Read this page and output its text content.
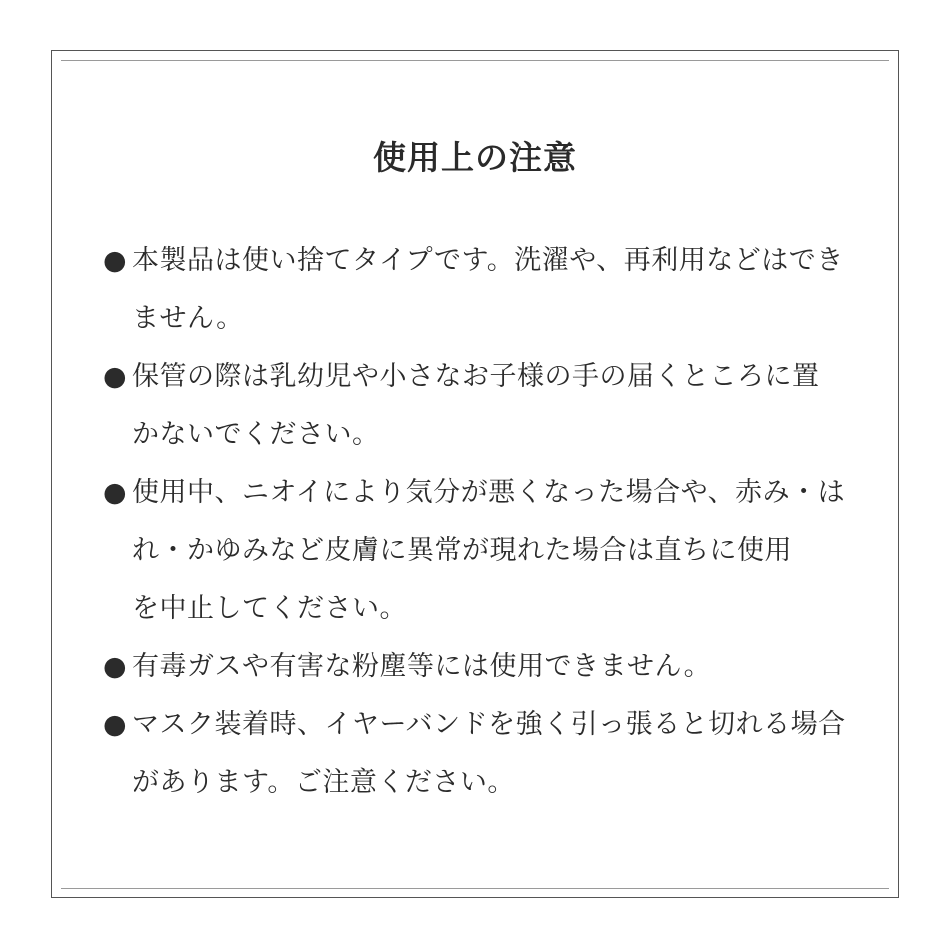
使用上の注意
● 本製品は使い捨てタイプです。洗濯や、再利用などはでき
ません。
● 保管の際は乳幼児や小さなお子様の手の届くところに置
かないでください。
● 使用中、ニオイにより気分が悪くなった場合や、赤み・は
れ・かゆみなど皮膚に異常が現れた場合は直ちに使用
を中止してください。
● 有毒ガスや有害な粉塵等には使用できません。
● マスク装着時、イヤーバンドを強く引っ張ると切れる場合
があります。ご注意ください。
